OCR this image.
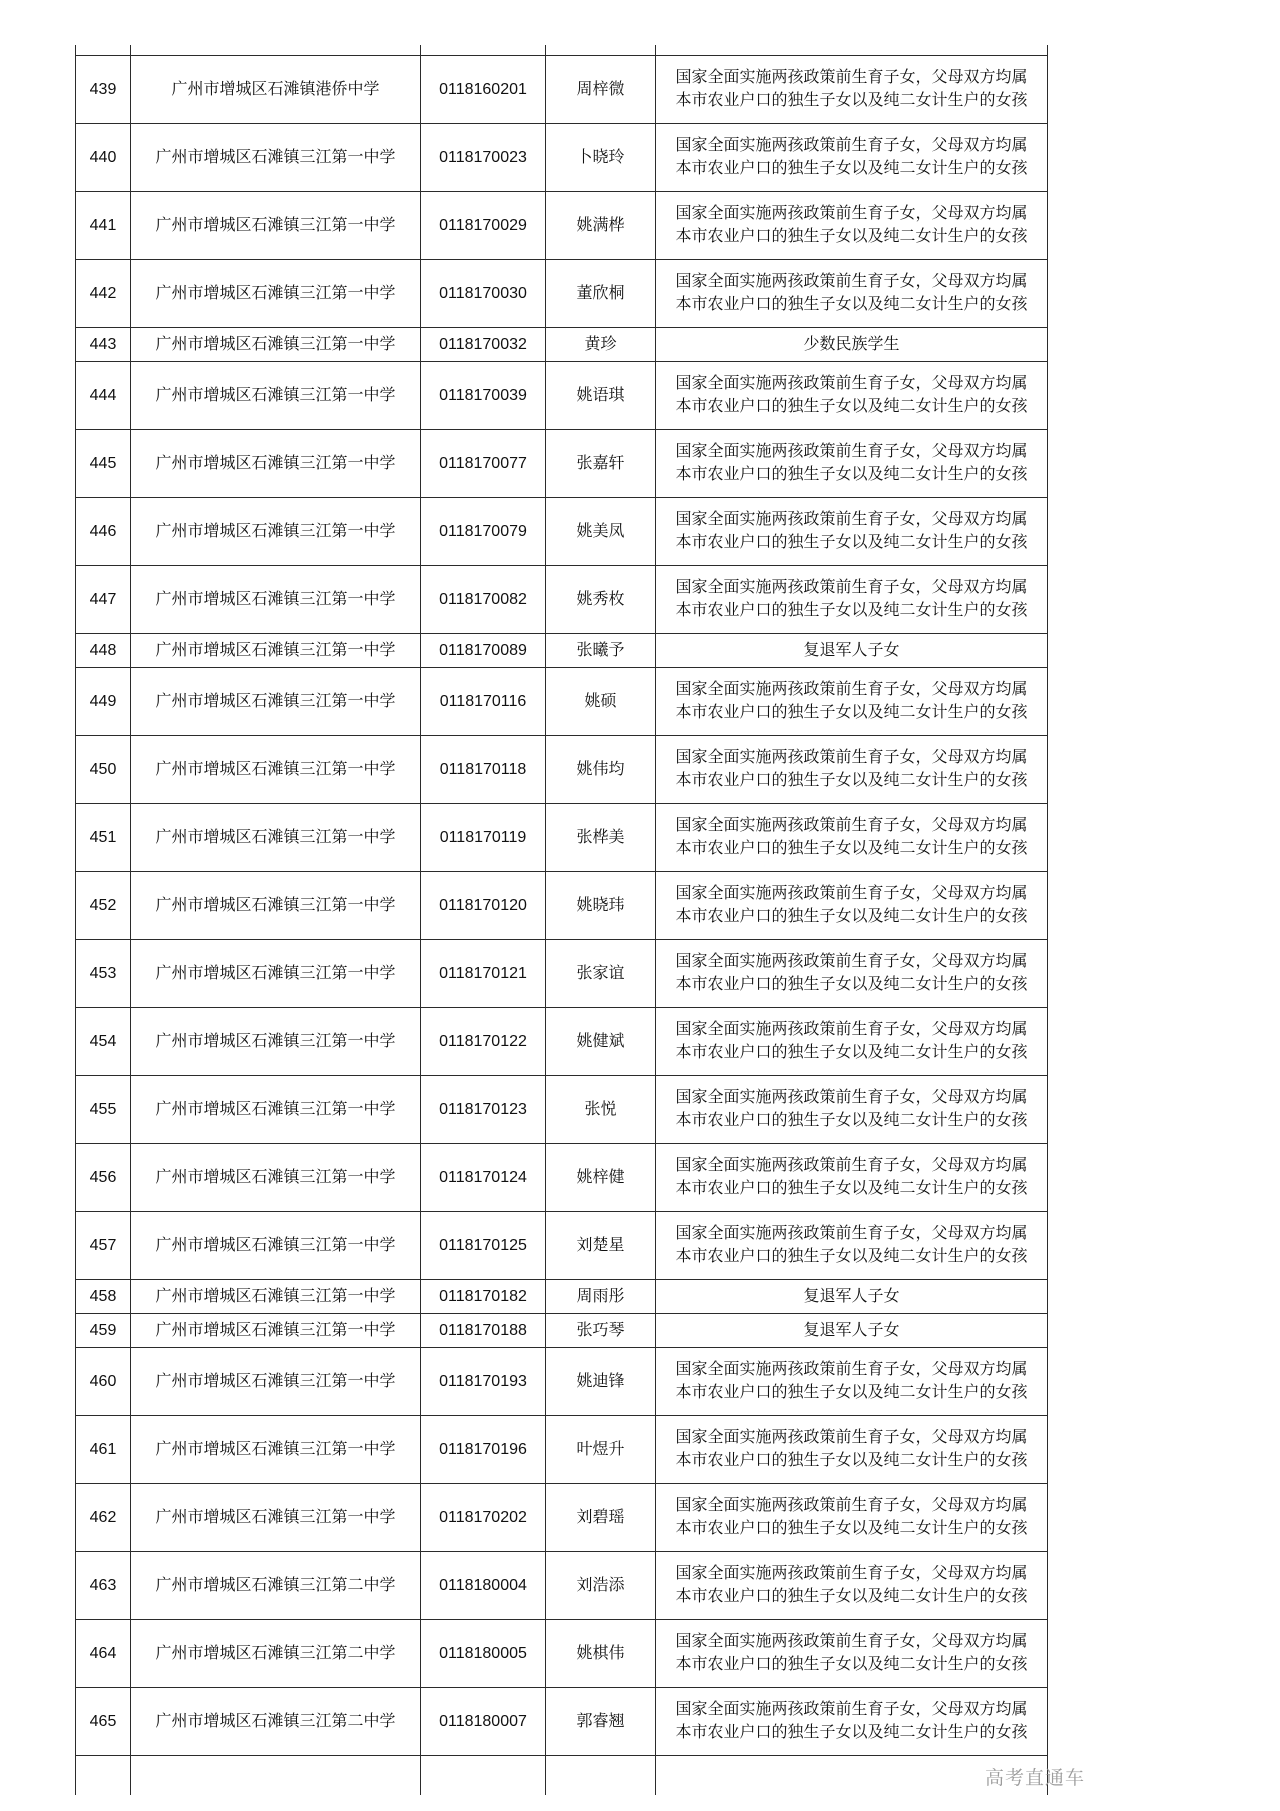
439	广州市增城区石滩镇港侨中学	0118160201	周梓微	国家全面实施两孩政策前生育子女，父母双方均属本市农业户口的独生子女以及纯二女计生户的女孩
440	广州市增城区石滩镇三江第一中学	0118170023	卜晓玲	国家全面实施两孩政策前生育子女，父母双方均属本市农业户口的独生子女以及纯二女计生户的女孩
441	广州市增城区石滩镇三江第一中学	0118170029	姚满桦	国家全面实施两孩政策前生育子女，父母双方均属本市农业户口的独生子女以及纯二女计生户的女孩
442	广州市增城区石滩镇三江第一中学	0118170030	董欣桐	国家全面实施两孩政策前生育子女，父母双方均属本市农业户口的独生子女以及纯二女计生户的女孩
443	广州市增城区石滩镇三江第一中学	0118170032	黄珍	少数民族学生
444	广州市增城区石滩镇三江第一中学	0118170039	姚语琪	国家全面实施两孩政策前生育子女，父母双方均属本市农业户口的独生子女以及纯二女计生户的女孩
445	广州市增城区石滩镇三江第一中学	0118170077	张嘉轩	国家全面实施两孩政策前生育子女，父母双方均属本市农业户口的独生子女以及纯二女计生户的女孩
446	广州市增城区石滩镇三江第一中学	0118170079	姚美凤	国家全面实施两孩政策前生育子女，父母双方均属本市农业户口的独生子女以及纯二女计生户的女孩
447	广州市增城区石滩镇三江第一中学	0118170082	姚秀枚	国家全面实施两孩政策前生育子女，父母双方均属本市农业户口的独生子女以及纯二女计生户的女孩
448	广州市增城区石滩镇三江第一中学	0118170089	张曦予	复退军人子女
449	广州市增城区石滩镇三江第一中学	0118170116	姚硕	国家全面实施两孩政策前生育子女，父母双方均属本市农业户口的独生子女以及纯二女计生户的女孩
450	广州市增城区石滩镇三江第一中学	0118170118	姚伟均	国家全面实施两孩政策前生育子女，父母双方均属本市农业户口的独生子女以及纯二女计生户的女孩
451	广州市增城区石滩镇三江第一中学	0118170119	张桦美	国家全面实施两孩政策前生育子女，父母双方均属本市农业户口的独生子女以及纯二女计生户的女孩
452	广州市增城区石滩镇三江第一中学	0118170120	姚晓玮	国家全面实施两孩政策前生育子女，父母双方均属本市农业户口的独生子女以及纯二女计生户的女孩
453	广州市增城区石滩镇三江第一中学	0118170121	张家谊	国家全面实施两孩政策前生育子女，父母双方均属本市农业户口的独生子女以及纯二女计生户的女孩
454	广州市增城区石滩镇三江第一中学	0118170122	姚健斌	国家全面实施两孩政策前生育子女，父母双方均属本市农业户口的独生子女以及纯二女计生户的女孩
455	广州市增城区石滩镇三江第一中学	0118170123	张悦	国家全面实施两孩政策前生育子女，父母双方均属本市农业户口的独生子女以及纯二女计生户的女孩
456	广州市增城区石滩镇三江第一中学	0118170124	姚梓健	国家全面实施两孩政策前生育子女，父母双方均属本市农业户口的独生子女以及纯二女计生户的女孩
457	广州市增城区石滩镇三江第一中学	0118170125	刘楚星	国家全面实施两孩政策前生育子女，父母双方均属本市农业户口的独生子女以及纯二女计生户的女孩
458	广州市增城区石滩镇三江第一中学	0118170182	周雨彤	复退军人子女
459	广州市增城区石滩镇三江第一中学	0118170188	张巧琴	复退军人子女
460	广州市增城区石滩镇三江第一中学	0118170193	姚迪锋	国家全面实施两孩政策前生育子女，父母双方均属本市农业户口的独生子女以及纯二女计生户的女孩
461	广州市增城区石滩镇三江第一中学	0118170196	叶煜升	国家全面实施两孩政策前生育子女，父母双方均属本市农业户口的独生子女以及纯二女计生户的女孩
462	广州市增城区石滩镇三江第一中学	0118170202	刘碧瑶	国家全面实施两孩政策前生育子女，父母双方均属本市农业户口的独生子女以及纯二女计生户的女孩
463	广州市增城区石滩镇三江第二中学	0118180004	刘浩添	国家全面实施两孩政策前生育子女，父母双方均属本市农业户口的独生子女以及纯二女计生户的女孩
464	广州市增城区石滩镇三江第二中学	0118180005	姚棋伟	国家全面实施两孩政策前生育子女，父母双方均属本市农业户口的独生子女以及纯二女计生户的女孩
465	广州市增城区石滩镇三江第二中学	0118180007	郭睿翘	国家全面实施两孩政策前生育子女，父母双方均属本市农业户口的独生子女以及纯二女计生户的女孩

高考直通车
